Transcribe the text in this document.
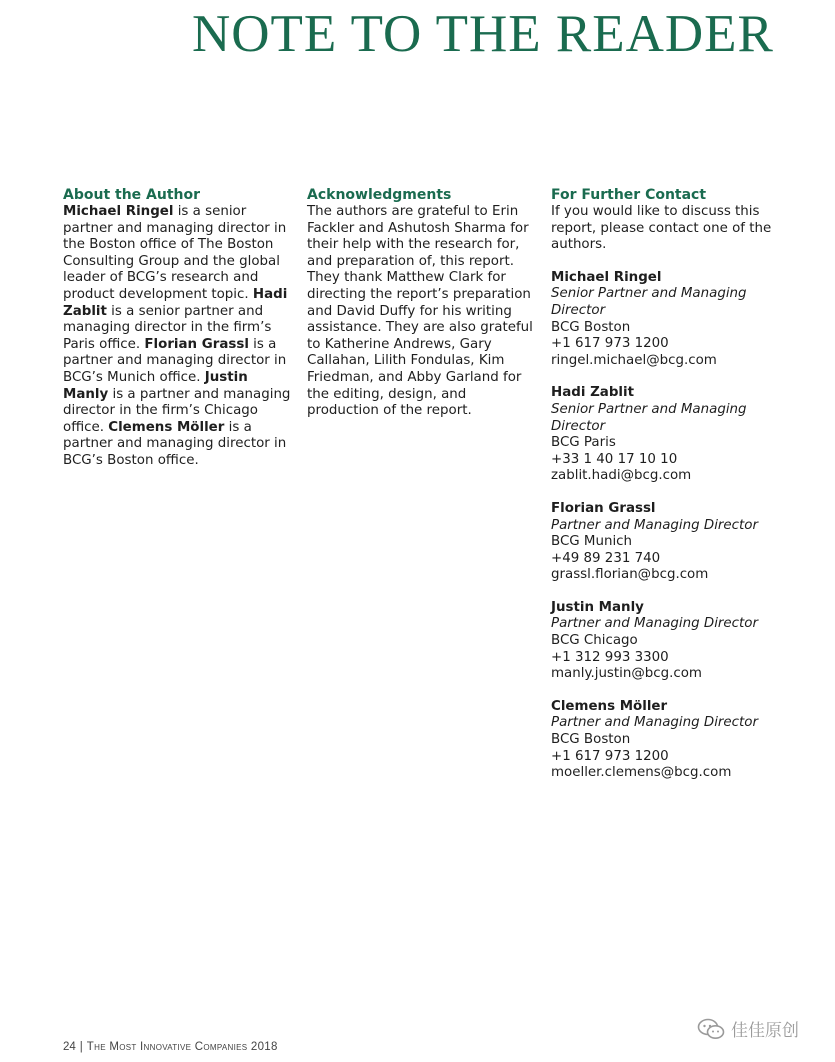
NOTE TO THE READER
About the Author

Michael Ringel is a senior partner and managing director in the Boston office of The Boston Consulting Group and the global leader of BCG’s research and product development topic. Hadi Zablit is a senior partner and managing director in the firm’s Paris office. Florian Grassl is a partner and managing director in BCG’s Munich office. Justin Manly is a partner and managing director in the firm’s Chicago office. Clemens Möller is a partner and managing director in BCG’s Boston office.

Acknowledgments

The authors are grateful to Erin Fackler and Ashutosh Sharma for their help with the research for, and preparation of, this report. They thank Matthew Clark for directing the report’s preparation and David Duffy for his writing assistance. They are also grateful to Katherine Andrews, Gary Callahan, Lilith Fondulas, Kim Friedman, and Abby Garland for the editing, design, and production of the report.

For Further Contact

If you would like to discuss this report, please contact one of the authors.

Michael Ringel
Senior Partner and Managing Director
BCG Boston
+1 617 973 1200
ringel.michael@bcg.com
Hadi Zablit
Senior Partner and Managing Director
BCG Paris
+33 1 40 17 10 10
zablit.hadi@bcg.com
Florian Grassl
Partner and Managing Director
BCG Munich
+49 89 231 740
grassl.florian@bcg.com
Justin Manly
Partner and Managing Director
BCG Chicago
+1 312 993 3300
manly.justin@bcg.com
Clemens Möller
Partner and Managing Director
BCG Boston
+1 617 973 1200
moeller.clemens@bcg.com
24 | The Most Innovative Companies 2018
佳佳原创
